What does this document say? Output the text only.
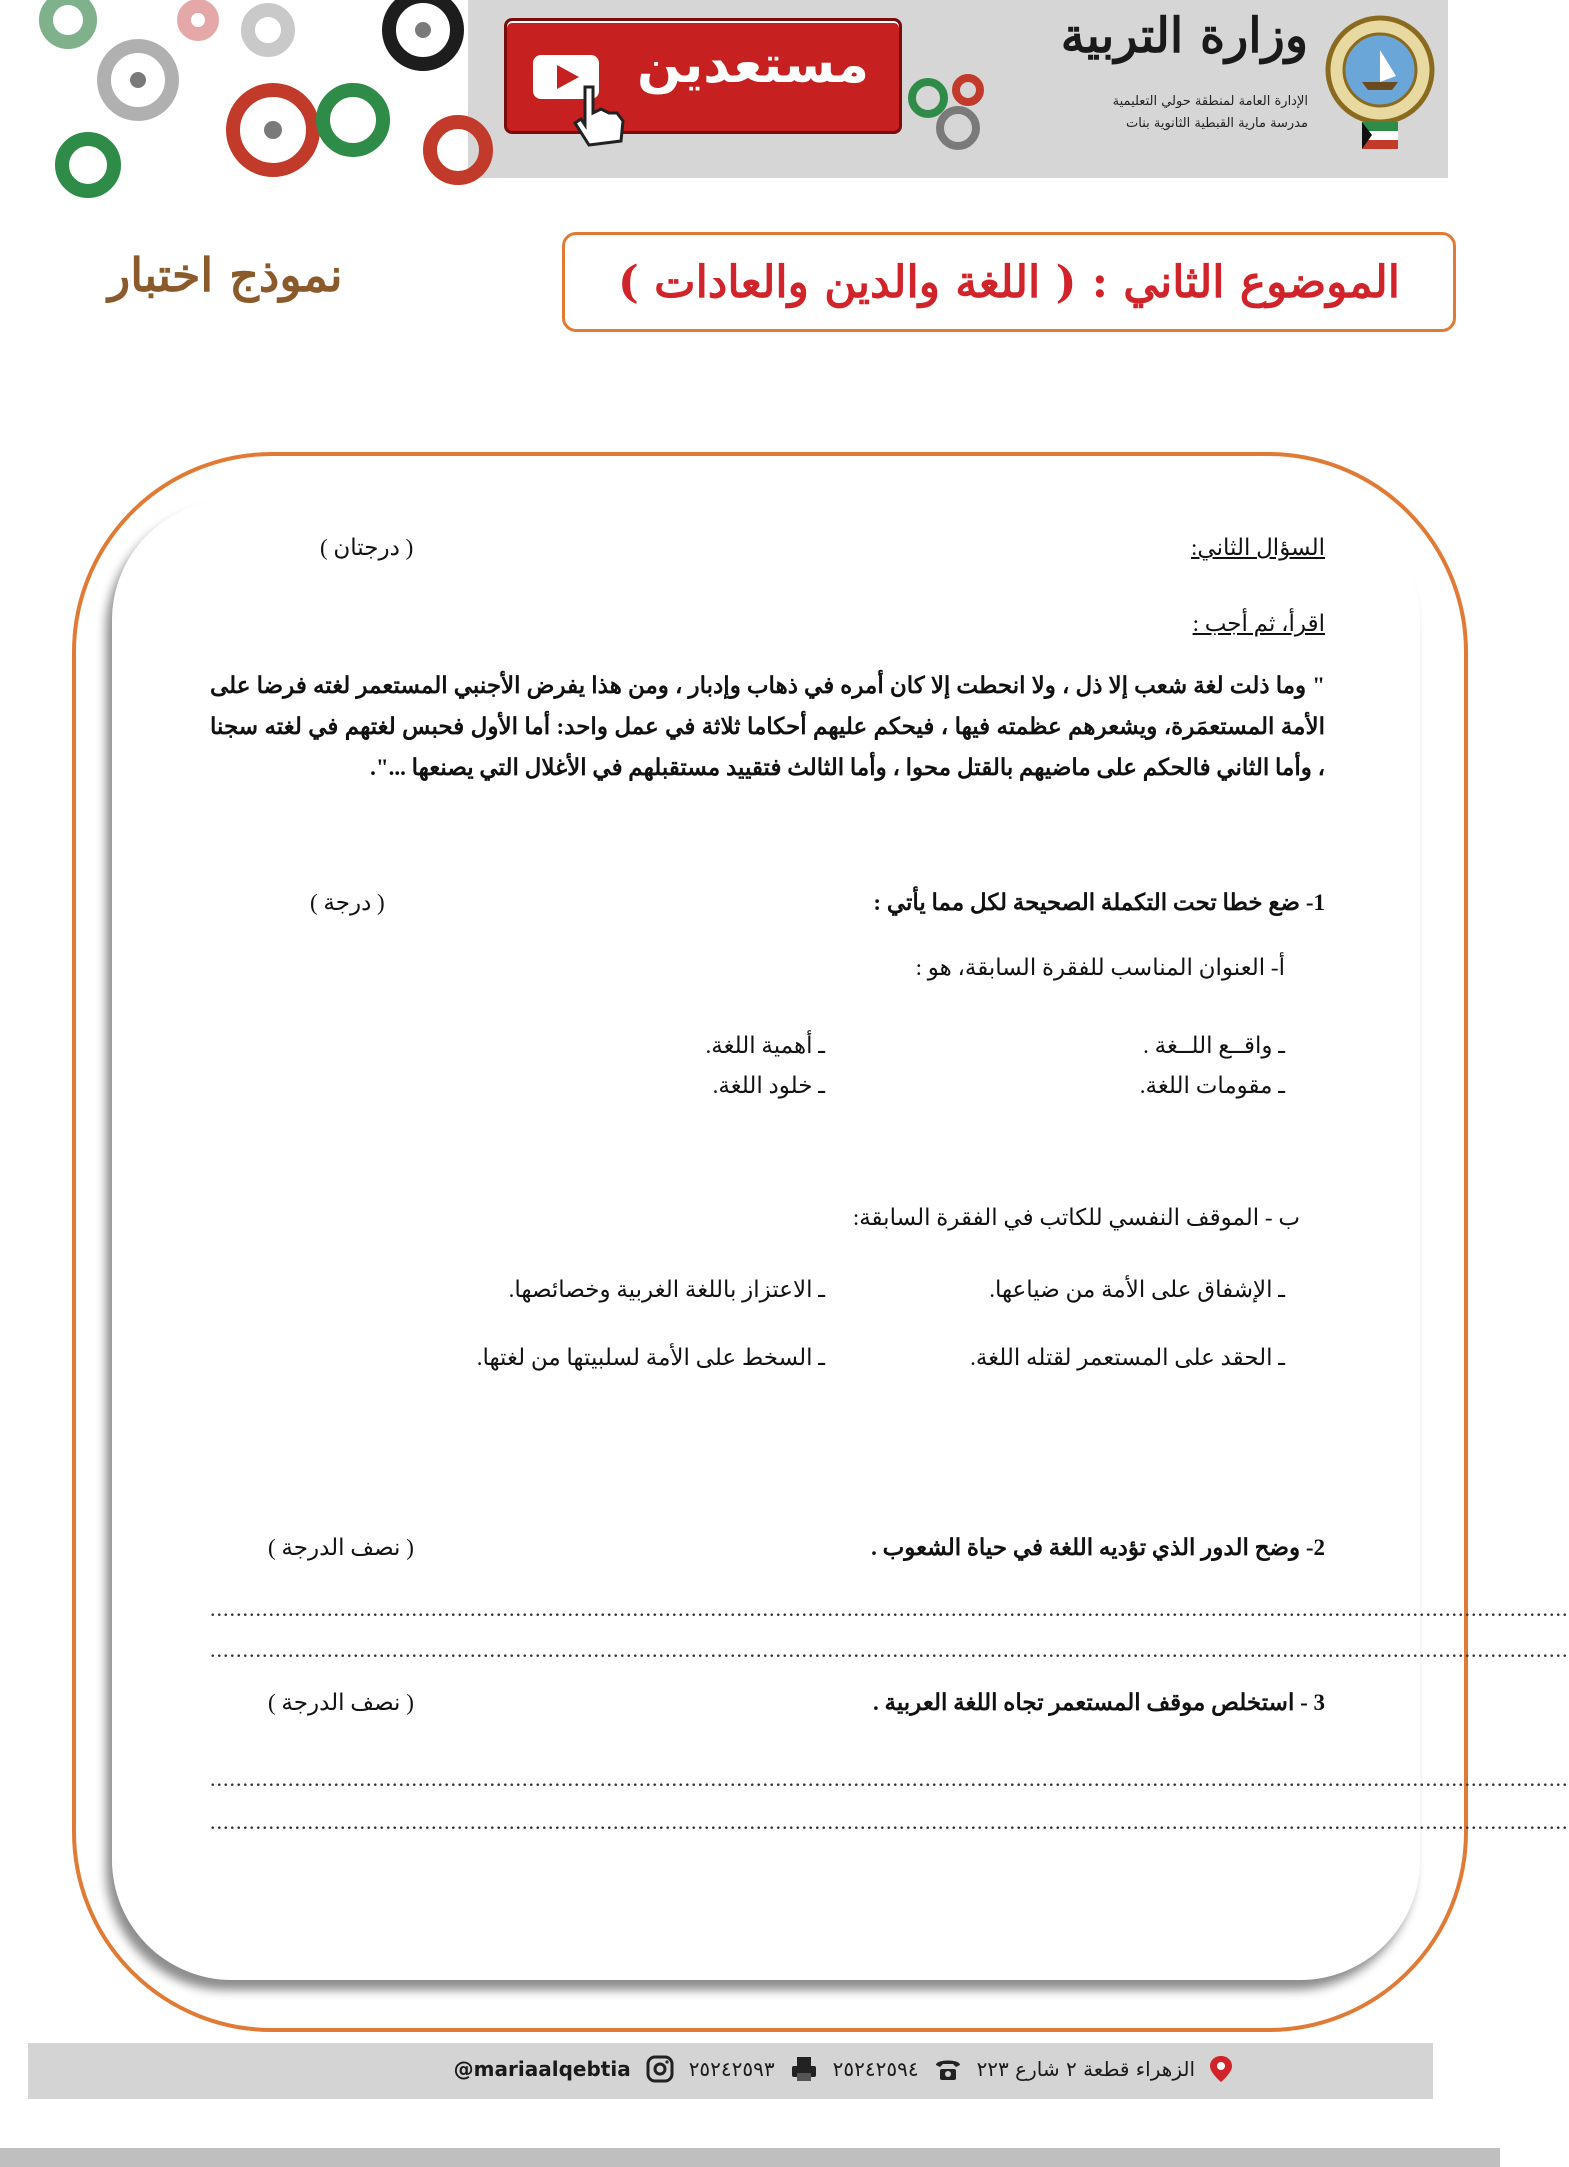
مستعدين	وزارة التربية
الإدارة العامة لمنطقة حولي التعليمية
مدرسة مارية القبطية الثانوية بنات
الموضوع الثاني : ( اللغة والدين والعادات )
نموذج اختبار
السؤال الثاني:
( درجتان )
اقرأ، ثم أجب :
" وما ذلت لغة شعب إلا ذل ، ولا انحطت إلا كان أمره في ذهاب وإدبار ، ومن هذا يفرض الأجنبي المستعمر لغته فرضا على الأمة المستعمَرة، ويشعرهم عظمته فيها ، فيحكم عليهم أحكاما ثلاثة في عمل واحد: أما الأول فحبس لغتهم في لغته سجنا ، وأما الثاني فالحكم على ماضيهم بالقتل محوا ، وأما الثالث فتقييد مستقبلهم في الأغلال التي يصنعها ...".
1- ضع خطا تحت التكملة الصحيحة لكل مما يأتي :
( درجة )
أ- العنوان المناسب للفقرة السابقة، هو :
ـ واقــع اللــغة .
ـ أهمية اللغة.
ـ مقومات اللغة.
ـ خلود اللغة.
ب - الموقف النفسي للكاتب في الفقرة السابقة:
ـ الإشفاق على الأمة من ضياعها.
ـ الاعتزاز باللغة الغربية وخصائصها.
ـ الحقد على المستعمر لقتله اللغة.
ـ السخط على الأمة لسلبيتها من لغتها.
2- وضح الدور الذي تؤديه اللغة في حياة الشعوب .
( نصف الدرجة )
.................................................................................................................................................................................................................
.................................................................................................................................................................................................................
3 - استخلص موقف المستعمر تجاه اللغة العربية .
( نصف الدرجة )
.................................................................................................................................................................................................................
.................................................................................................................................................................................................................
الزهراء قطعة ٢ شارع ٢٢٣
٢٥٢٤٢٥٩٤
٢٥٢٤٢٥٩٣
@mariaalqebtia
